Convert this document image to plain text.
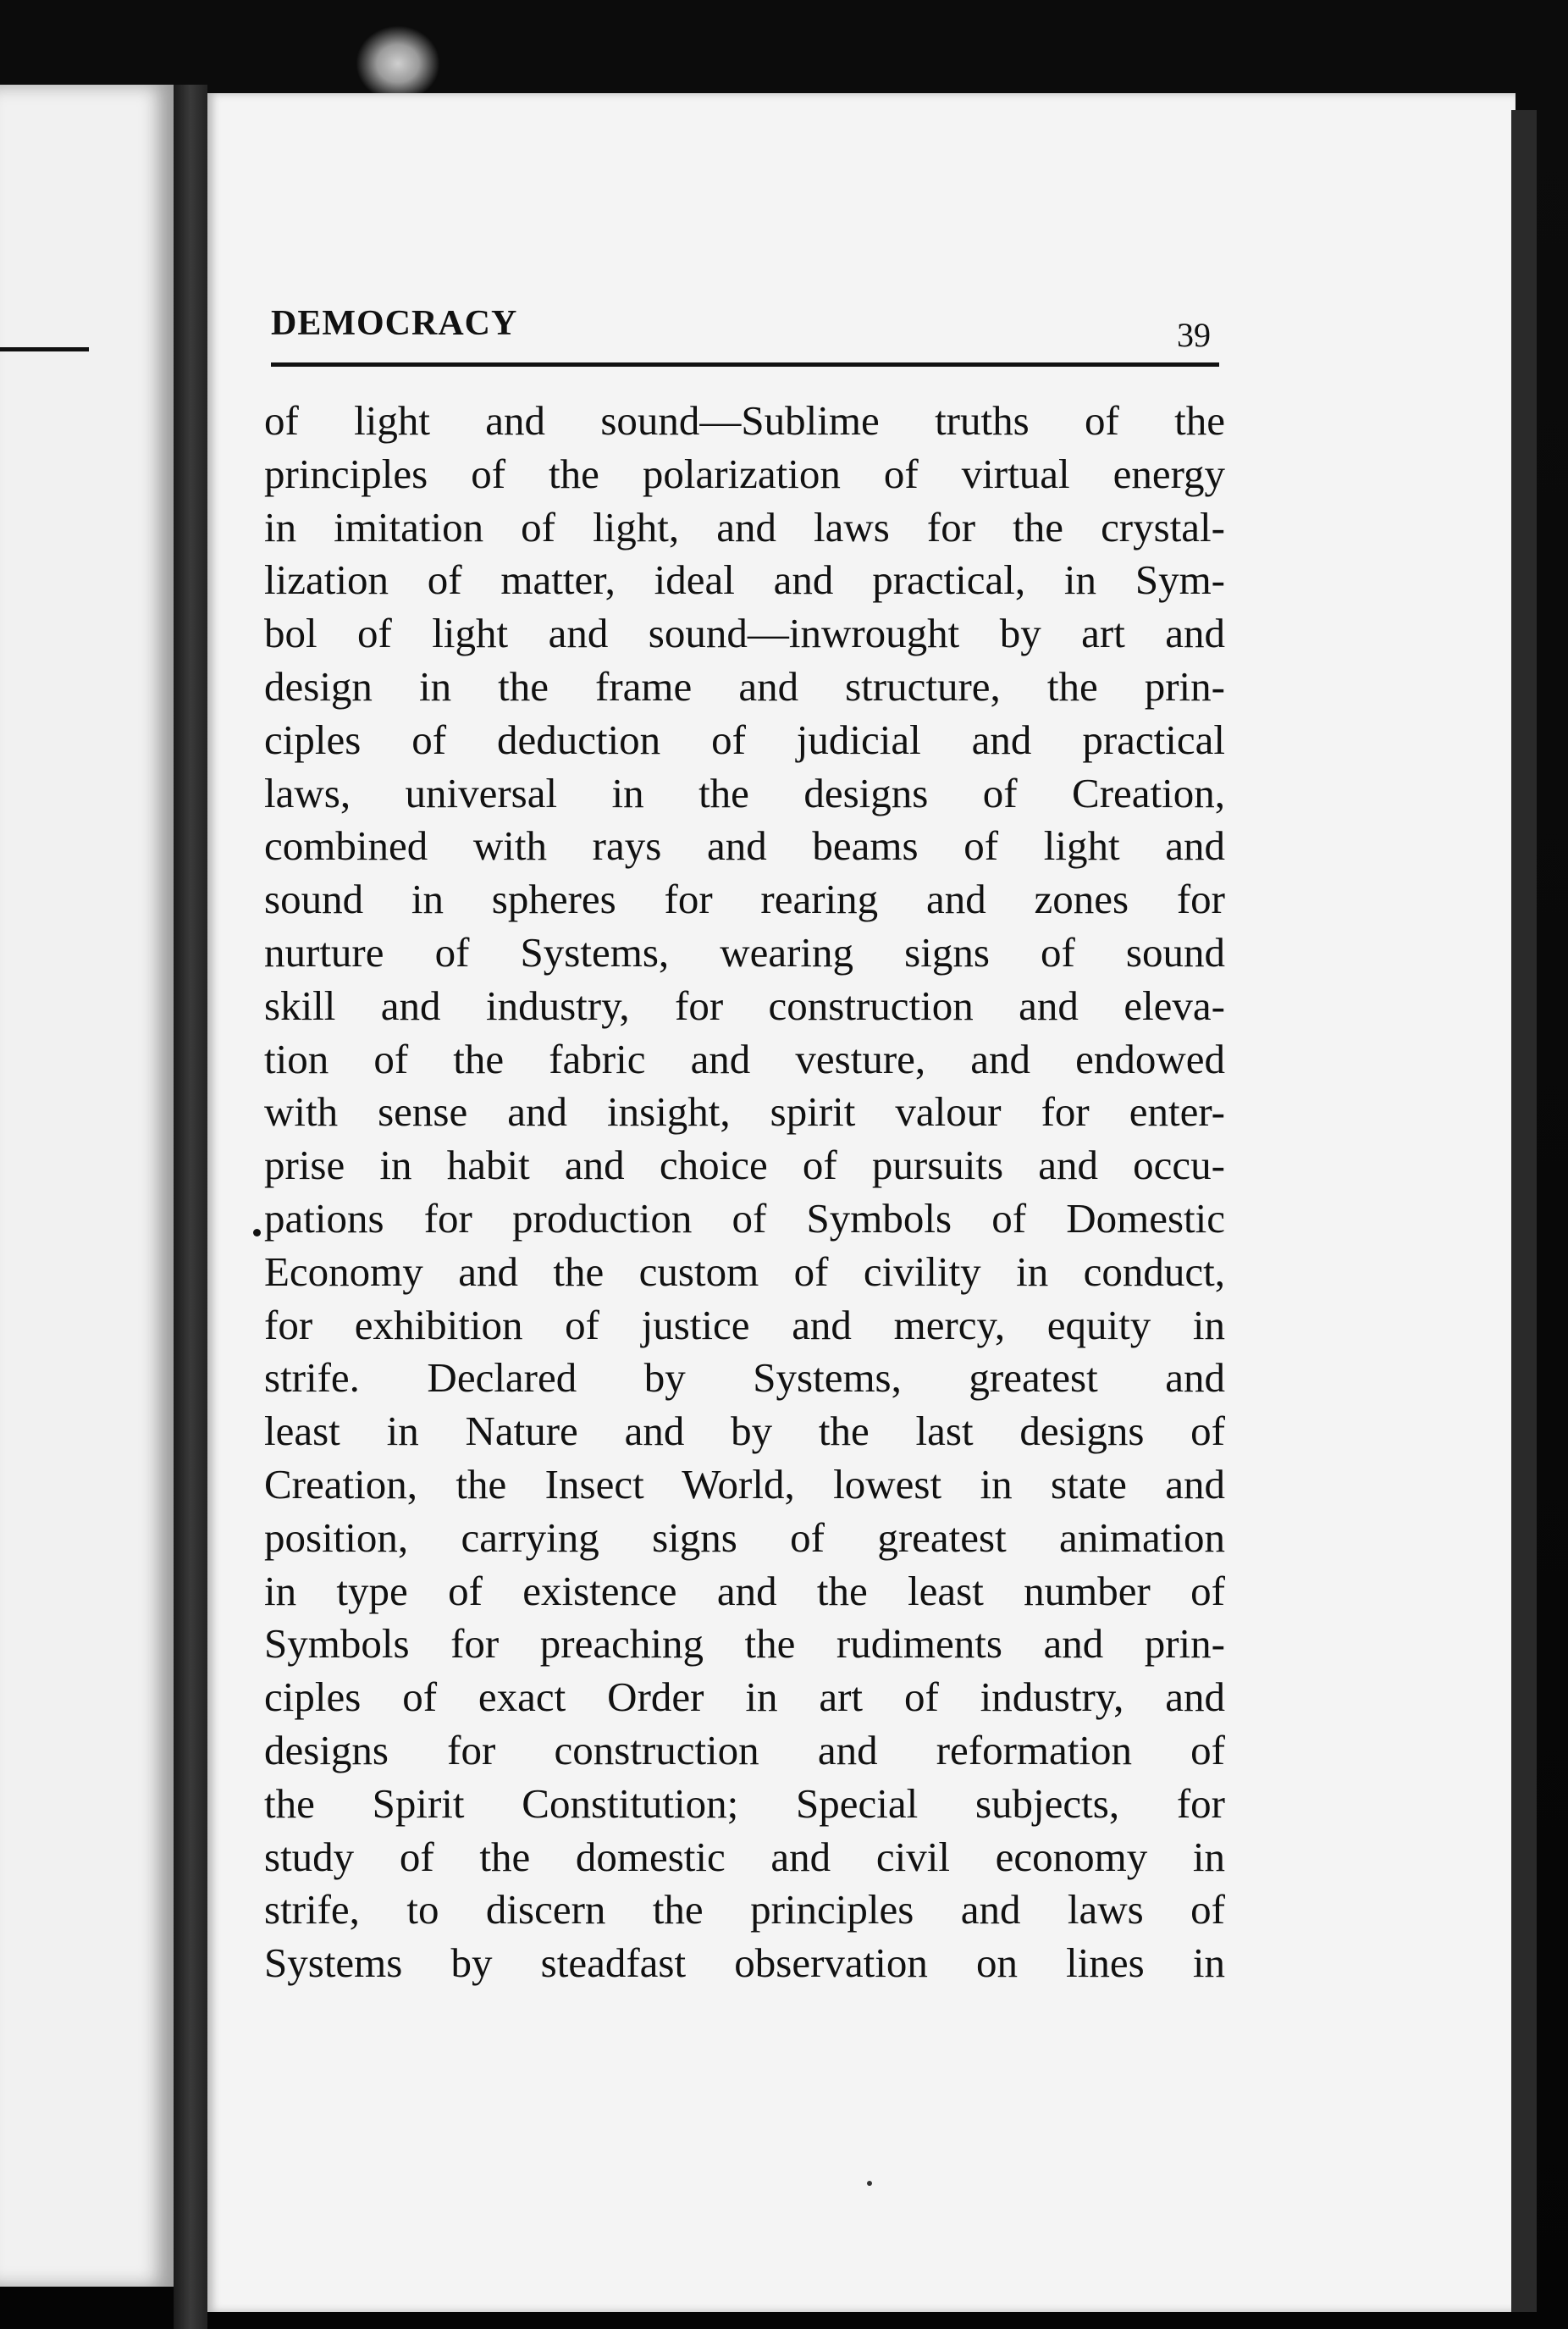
DEMOCRACY	39
of light and sound—Sublime truths of the
principles of the polarization of virtual energy
in imitation of light, and laws for the crystal-
lization of matter, ideal and practical, in Sym-
bol of light and sound—inwrought by art and
design in the frame and structure, the prin-
ciples of deduction of judicial and practical
laws, universal in the designs of Creation,
combined with rays and beams of light and
sound in spheres for rearing and zones for
nurture of Systems, wearing signs of sound
skill and industry, for construction and eleva-
tion of the fabric and vesture, and endowed
with sense and insight, spirit valour for enter-
prise in habit and choice of pursuits and occu-
pations for production of Symbols of Domestic
Economy and the custom of civility in conduct,
for exhibition of justice and mercy, equity in
strife. Declared by Systems, greatest and
least in Nature and by the last designs of
Creation, the Insect World, lowest in state and
position, carrying signs of greatest animation
in type of existence and the least number of
Symbols for preaching the rudiments and prin-
ciples of exact Order in art of industry, and
designs for construction and reformation of
the Spirit Constitution; Special subjects, for
study of the domestic and civil economy in
strife, to discern the principles and laws of
Systems by steadfast observation on lines in
